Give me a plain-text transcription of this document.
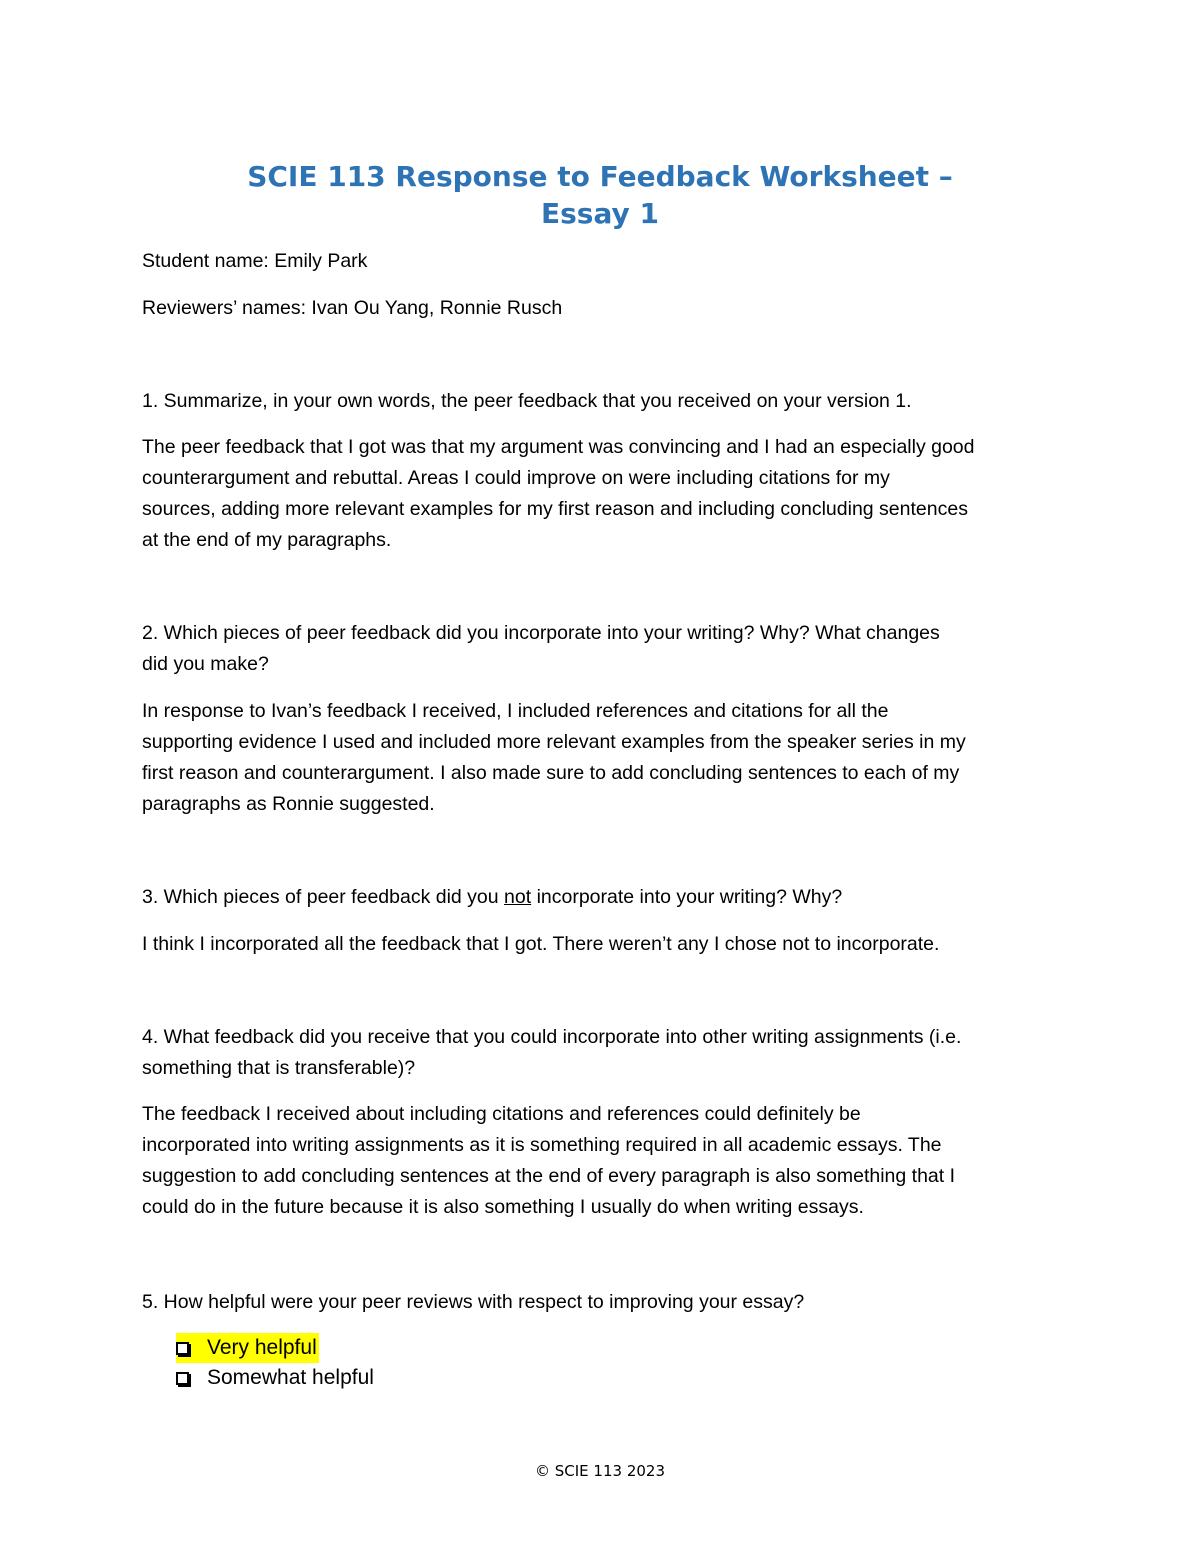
SCIE 113 Response to Feedback Worksheet –
Essay 1

Student name: Emily Park

Reviewers’ names: Ivan Ou Yang, Ronnie Rusch

1. Summarize, in your own words, the peer feedback that you received on your version 1.

The peer feedback that I got was that my argument was convincing and I had an especially good

counterargument and rebuttal. Areas I could improve on were including citations for my

sources, adding more relevant examples for my first reason and including concluding sentences

at the end of my paragraphs.

2. Which pieces of peer feedback did you incorporate into your writing? Why? What changes

did you make?

In response to Ivan’s feedback I received, I included references and citations for all the

supporting evidence I used and included more relevant examples from the speaker series in my

first reason and counterargument. I also made sure to add concluding sentences to each of my

paragraphs as Ronnie suggested.

3. Which pieces of peer feedback did you not incorporate into your writing? Why?

I think I incorporated all the feedback that I got. There weren’t any I chose not to incorporate.

4. What feedback did you receive that you could incorporate into other writing assignments (i.e.

something that is transferable)?

The feedback I received about including citations and references could definitely be

incorporated into writing assignments as it is something required in all academic essays. The

suggestion to add concluding sentences at the end of every paragraph is also something that I

could do in the future because it is also something I usually do when writing essays.

5. How helpful were your peer reviews with respect to improving your essay?

Very helpful
Somewhat helpful
© SCIE 113 2023
